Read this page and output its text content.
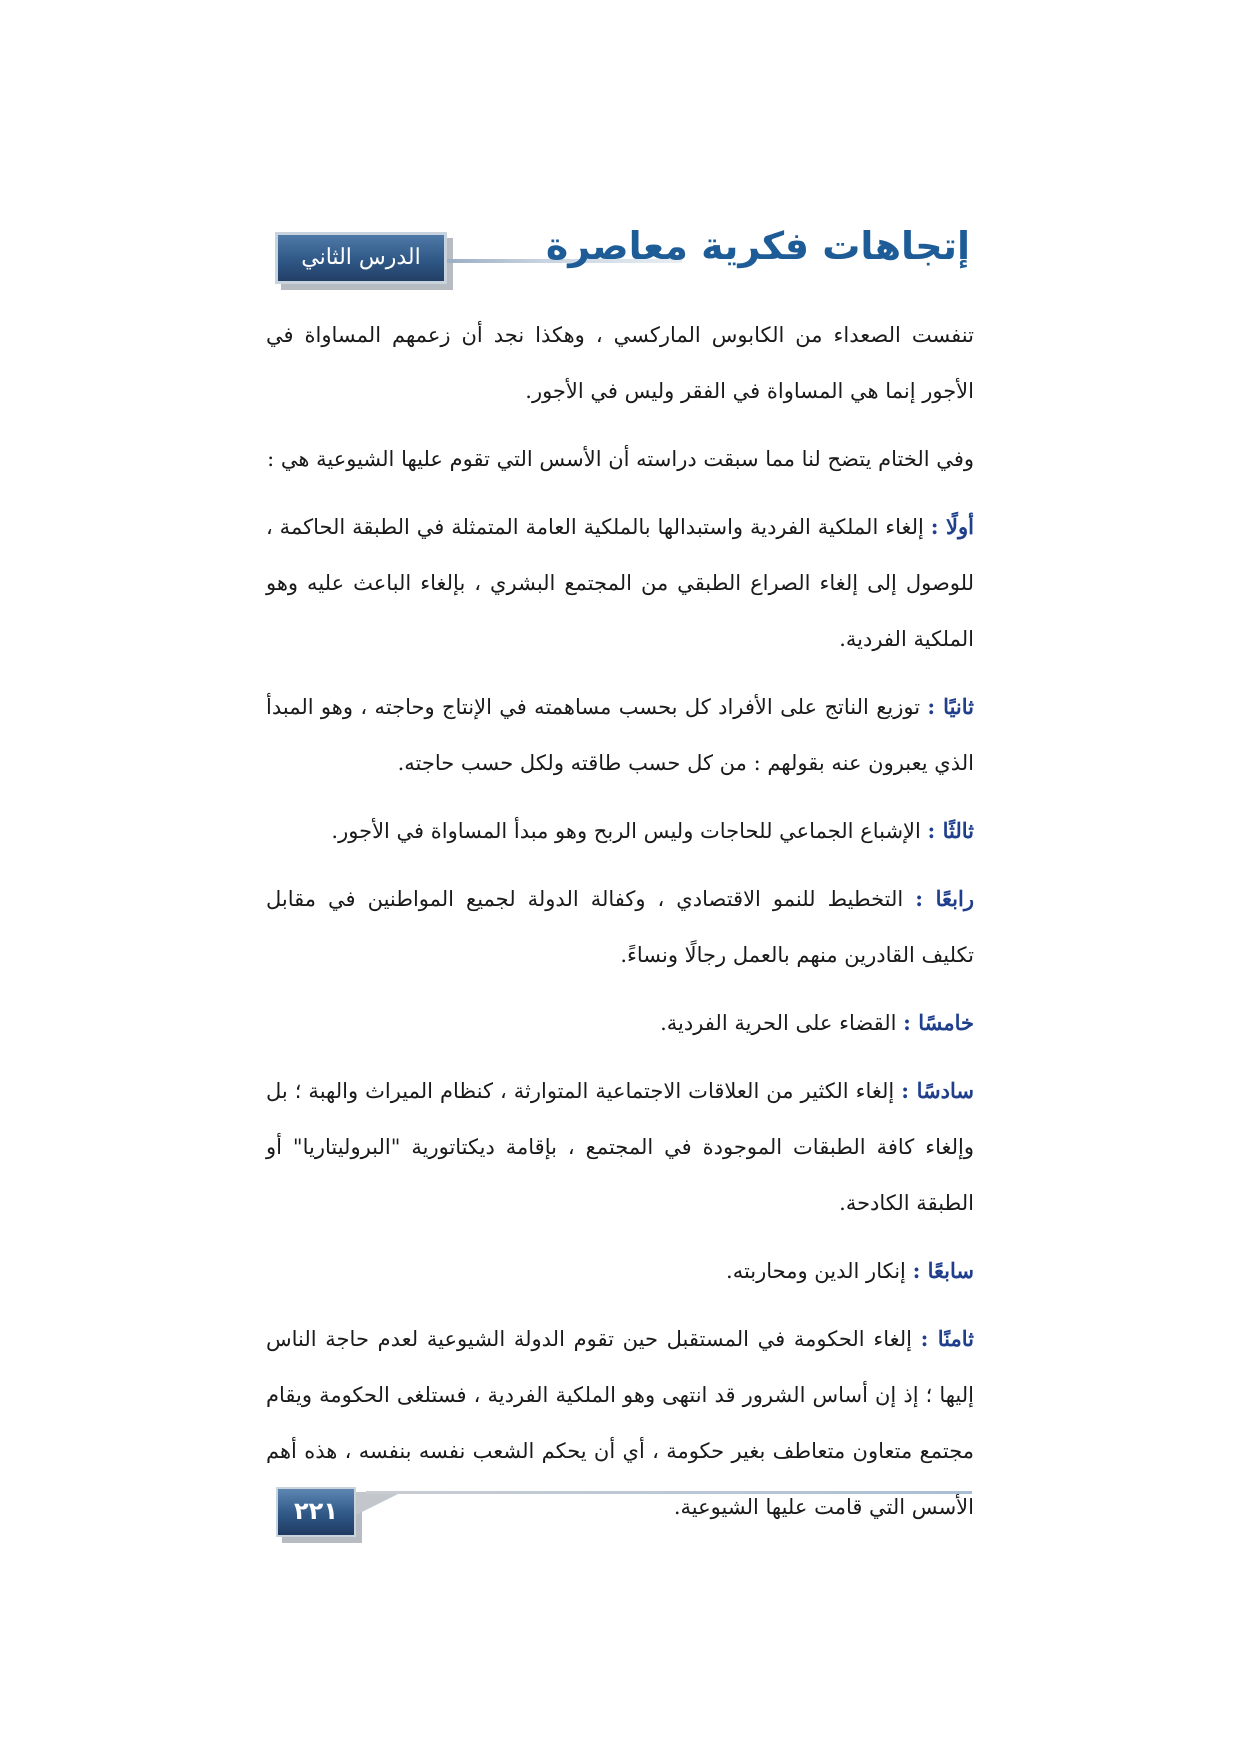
الدرس الثاني عشر
إتجاهات فكرية معاصرة

تنفست الصعداء من الكابوس الماركسي ، وهكذا نجد أن زعمهم المساواة في الأجور إنما هي المساواة في الفقر وليس في الأجور.

وفي الختام يتضح لنا مما سبقت دراسته أن الأسس التي تقوم عليها الشيوعية هي :

أولًا : إلغاء الملكية الفردية واستبدالها بالملكية العامة المتمثلة في الطبقة الحاكمة ، للوصول إلى إلغاء الصراع الطبقي من المجتمع البشري ، بإلغاء الباعث عليه وهو الملكية الفردية.

ثانيًا : توزيع الناتج على الأفراد كل بحسب مساهمته في الإنتاج وحاجته ، وهو المبدأ الذي يعبرون عنه بقولهم : من كل حسب طاقته ولكل حسب حاجته.

ثالثًا : الإشباع الجماعي للحاجات وليس الربح وهو مبدأ المساواة في الأجور.

رابعًا : التخطيط للنمو الاقتصادي ، وكفالة الدولة لجميع المواطنين في مقابل تكليف القادرين منهم بالعمل رجالًا ونساءً.

خامسًا : القضاء على الحرية الفردية.

سادسًا : إلغاء الكثير من العلاقات الاجتماعية المتوارثة ، كنظام الميراث والهبة ؛ بل وإلغاء كافة الطبقات الموجودة في المجتمع ، بإقامة ديكتاتورية "البروليتاريا" أو الطبقة الكادحة.

سابعًا : إنكار الدين ومحاربته.

ثامنًا : إلغاء الحكومة في المستقبل حين تقوم الدولة الشيوعية لعدم حاجة الناس إليها ؛ إذ إن أساس الشرور قد انتهى وهو الملكية الفردية ، فستلغى الحكومة ويقام مجتمع متعاون متعاطف بغير حكومة ، أي أن يحكم الشعب نفسه بنفسه ، هذه أهم الأسس التي قامت عليها الشيوعية.

٢٢١
